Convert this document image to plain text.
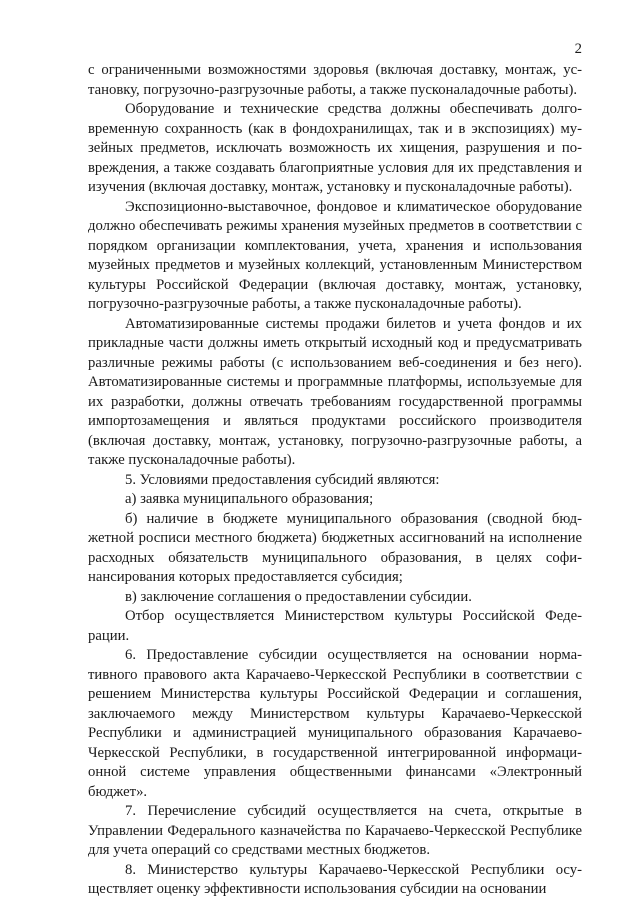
2

с ограниченными возможностями здоровья (включая доставку, монтаж, установку, погрузочно-разгрузочные работы, а также пусконаладочные работы).

Оборудование и технические средства должны обеспечивать долговременную сохранность (как в фондохранилищах, так и в экспозициях) музейных предметов, исключать возможность их хищения, разрушения и повреждения, а также создавать благоприятные условия для их представления и изучения (включая доставку, монтаж, установку и пусконаладочные работы).

Экспозиционно-выставочное, фондовое и климатическое оборудование должно обеспечивать режимы хранения музейных предметов в соответствии с порядком организации комплектования, учета, хранения и использования музейных предметов и музейных коллекций, установленным Министерством культуры Российской Федерации (включая доставку, монтаж, установку, погрузочно-разгрузочные работы, а также пусконаладочные работы).

Автоматизированные системы продажи билетов и учета фондов и их прикладные части должны иметь открытый исходный код и предусматривать различные режимы работы (с использованием веб-соединения и без него). Автоматизированные системы и программные платформы, используемые для их разработки, должны отвечать требованиям государственной программы импортозамещения и являться продуктами российского производителя (включая доставку, монтаж, установку, погрузочно-разгрузочные работы, а также пусконаладочные работы).

5. Условиями предоставления субсидий являются:

а) заявка муниципального образования;

б) наличие в бюджете муниципального образования (сводной бюджетной росписи местного бюджета) бюджетных ассигнований на исполнение расходных обязательств муниципального образования, в целях софинансирования которых предоставляется субсидия;

в) заключение соглашения о предоставлении субсидии.

Отбор осуществляется Министерством культуры Российской Федерации.

6. Предоставление субсидии осуществляется на основании нормативного правового акта Карачаево-Черкесской Республики в соответствии с решением Министерства культуры Российской Федерации и соглашения, заключаемого между Министерством культуры Карачаево-Черкесской Республики и администрацией муниципального образования Карачаево-Черкесской Республики, в государственной интегрированной информационной системе управления общественными финансами «Электронный бюджет».

7. Перечисление субсидий осуществляется на счета, открытые в Управлении Федерального казначейства по Карачаево-Черкесской Республике для учета операций со средствами местных бюджетов.

8. Министерство культуры Карачаево-Черкесской Республики осуществляет оценку эффективности использования субсидии на основании
